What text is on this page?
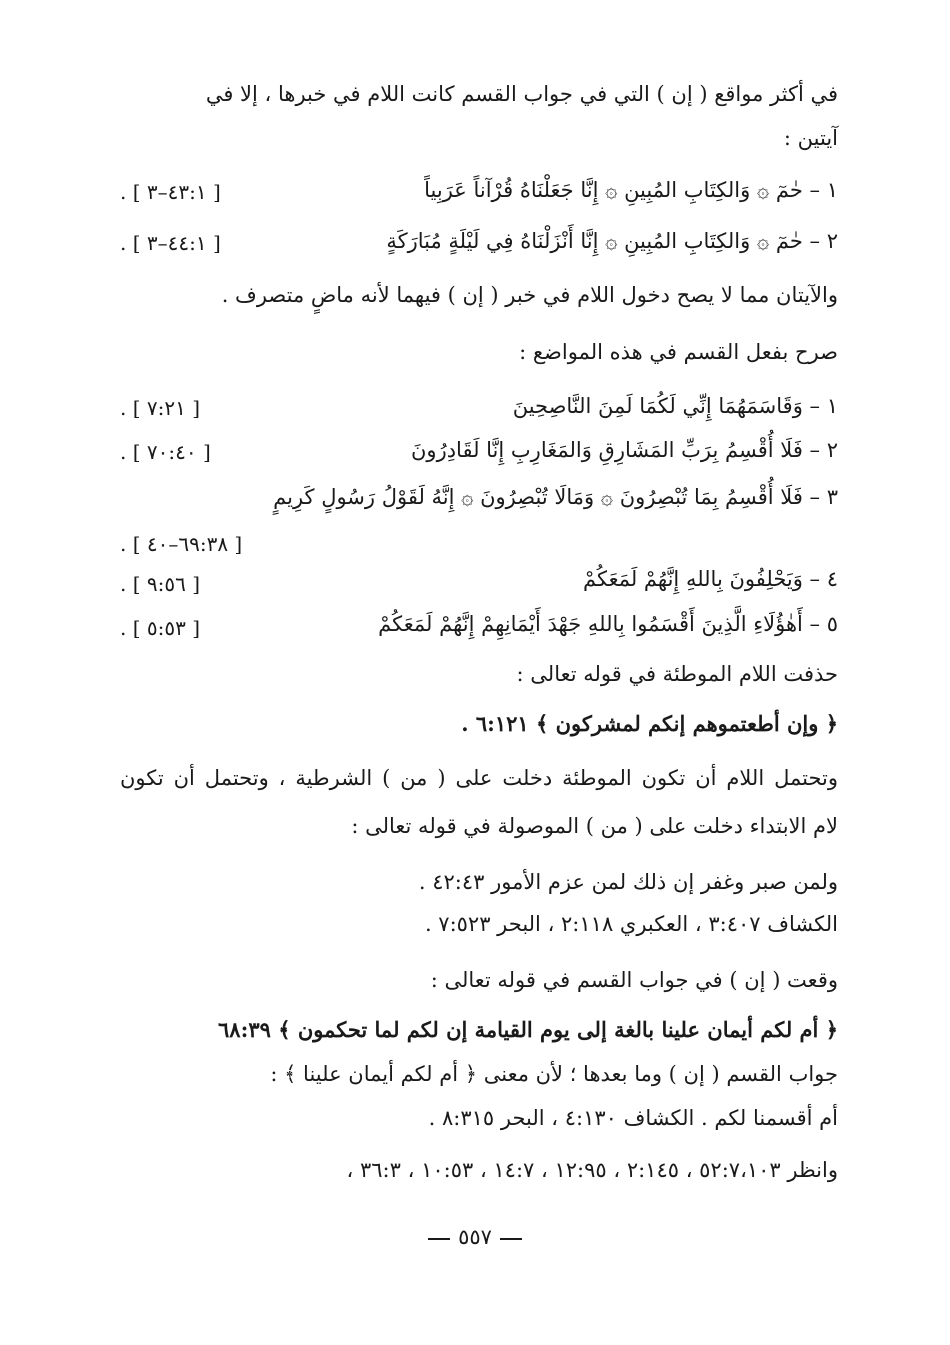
في أكثر مواقع ( إن ) التي في جواب القسم كانت اللام في خبرها ، إلا في
آيتين :
١ – حٰمٓ ۞ وَالكِتَابِ المُبِينِ ۞ إِنَّا جَعَلْنَاهُ قُرْآناً عَرَبِياً
[ ٤٣:١–٣ ] .
٢ – حٰمٓ ۞ وَالكِتَابِ المُبِينِ ۞ إِنَّا أَنْزَلْنَاهُ فِي لَيْلَةٍ مُبَارَكَةٍ
[ ٤٤:١–٣ ] .
والآيتان مما لا يصح دخول اللام في خبر ( إن ) فيهما لأنه ماضٍ متصرف .
صرح بفعل القسم في هذه المواضع :
١ – وَقَاسَمَهُمَا إِنِّي لَكُمَا لَمِنَ النَّاصِحِينَ
[ ٧:٢١ ] .
٢ – فَلَا أُقْسِمُ بِرَبِّ المَشَارِقِ وَالمَغَارِبِ إِنَّا لَقَادِرُونَ
[ ٧٠:٤٠ ] .
٣ – فَلَا أُقْسِمُ بِمَا تُبْصِرُونَ ۞ وَمَالَا تُبْصِرُونَ ۞ إِنَّهُ لَقَوْلُ رَسُولٍ كَرِيمٍ
[ ٦٩:٣٨–٤٠ ] .
٤ – وَيَحْلِفُونَ بِاللهِ إِنَّهُمْ لَمَعَكُمْ
[ ٩:٥٦ ] .
٥ – أَهٰؤُلَاءِ الَّذِينَ أَقْسَمُوا بِاللهِ جَهْدَ أَيْمَانِهِمْ إِنَّهُمْ لَمَعَكُمْ
[ ٥:٥٣ ] .
حذفت اللام الموطئة في قوله تعالى :
﴿ وإن أطعتموهم إنكم لمشركون ﴾ ٦:١٢١ .
وتحتمل اللام أن تكون الموطئة دخلت على ( من ) الشرطية ، وتحتمل أن تكون
لام الابتداء دخلت على ( من ) الموصولة في قوله تعالى :
ولمن صبر وغفر إن ذلك لمن عزم الأمور ٤٢:٤٣ .
الكشاف ٣:٤٠٧ ، العكبري ٢:١١٨ ، البحر ٧:٥٢٣ .
وقعت ( إن ) في جواب القسم في قوله تعالى :
﴿ أم لكم أيمان علينا بالغة إلى يوم القيامة إن لكم لما تحكمون ﴾ ٦٨:٣٩
جواب القسم ( إن ) وما بعدها ؛ لأن معنى ﴿ أم لكم أيمان علينا ﴾ :
أم أقسمنا لكم . الكشاف ٤:١٣٠ ، البحر ٨:٣١٥ .
وانظر ٥٢:٧،١٠٣ ، ٢:١٤٥ ، ١٢:٩٥ ، ١٤:٧ ، ١٠:٥٣ ، ٣٦:٣ ،
٥٥٧
